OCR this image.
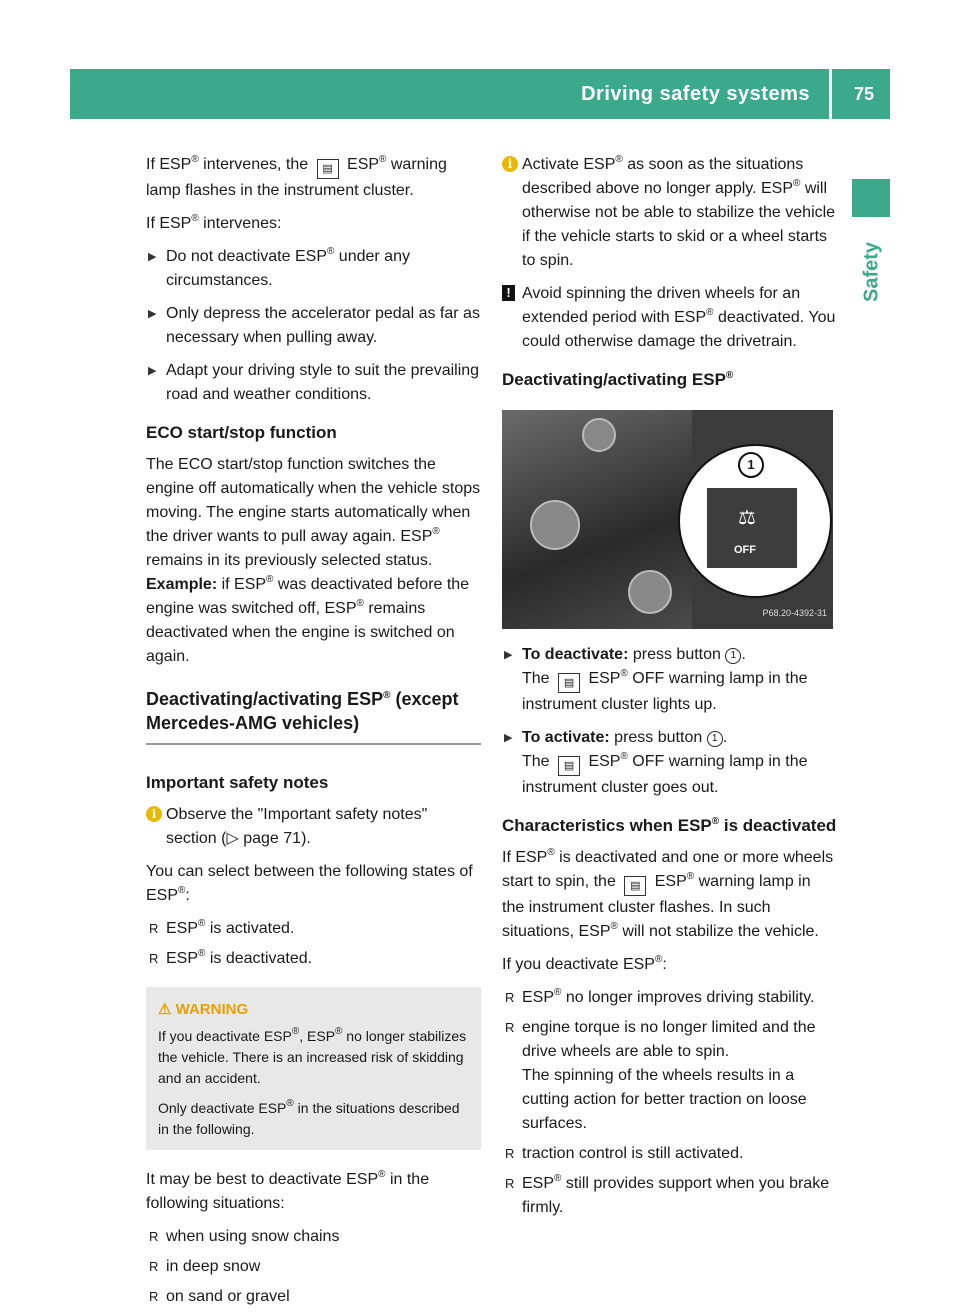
Driving safety systems	75
Safety

If ESP® intervenes, the ▤ ESP® warning lamp flashes in the instrument cluster.

If ESP® intervenes:

▶ Do not deactivate ESP® under any circumstances.
▶ Only depress the accelerator pedal as far as necessary when pulling away.
▶ Adapt your driving style to suit the prevailing road and weather conditions.
ECO start/stop function

The ECO start/stop function switches the engine off automatically when the vehicle stops moving. The engine starts automatically when the driver wants to pull away again. ESP® remains in its previously selected status. Example: if ESP® was deactivated before the engine was switched off, ESP® remains deactivated when the engine is switched on again.

Deactivating/activating ESP® (except Mercedes-AMG vehicles)
Important safety notes
i Observe the "Important safety notes" section (▷ page 71).

You can select between the following states of ESP®:

R ESP® is activated.
R ESP® is deactivated.
⚠ WARNING

If you deactivate ESP®, ESP® no longer stabilizes the vehicle. There is an increased risk of skidding and an accident.

Only deactivate ESP® in the situations described in the following.

It may be best to deactivate ESP® in the following situations:

R when using snow chains
R in deep snow
R on sand or gravel
i Activate ESP® as soon as the situations described above no longer apply. ESP® will otherwise not be able to stabilize the vehicle if the vehicle starts to skid or a wheel starts to spin.
! Avoid spinning the driven wheels for an extended period with ESP® deactivated. You could otherwise damage the drivetrain.
Deactivating/activating ESP®
⚖
OFF
1
P68.20-4392-31
▶ To deactivate: press button 1 .
The ▤ ESP® OFF warning lamp in the instrument cluster lights up.
▶ To activate: press button 1 .
The ▤ ESP® OFF warning lamp in the instrument cluster goes out.
Characteristics when ESP® is deactivated

If ESP® is deactivated and one or more wheels start to spin, the ▤ ESP® warning lamp in the instrument cluster flashes. In such situations, ESP® will not stabilize the vehicle.

If you deactivate ESP®:

R ESP® no longer improves driving stability.
R engine torque is no longer limited and the drive wheels are able to spin.
The spinning of the wheels results in a cutting action for better traction on loose surfaces.
R traction control is still activated.
R ESP® still provides support when you brake firmly.
